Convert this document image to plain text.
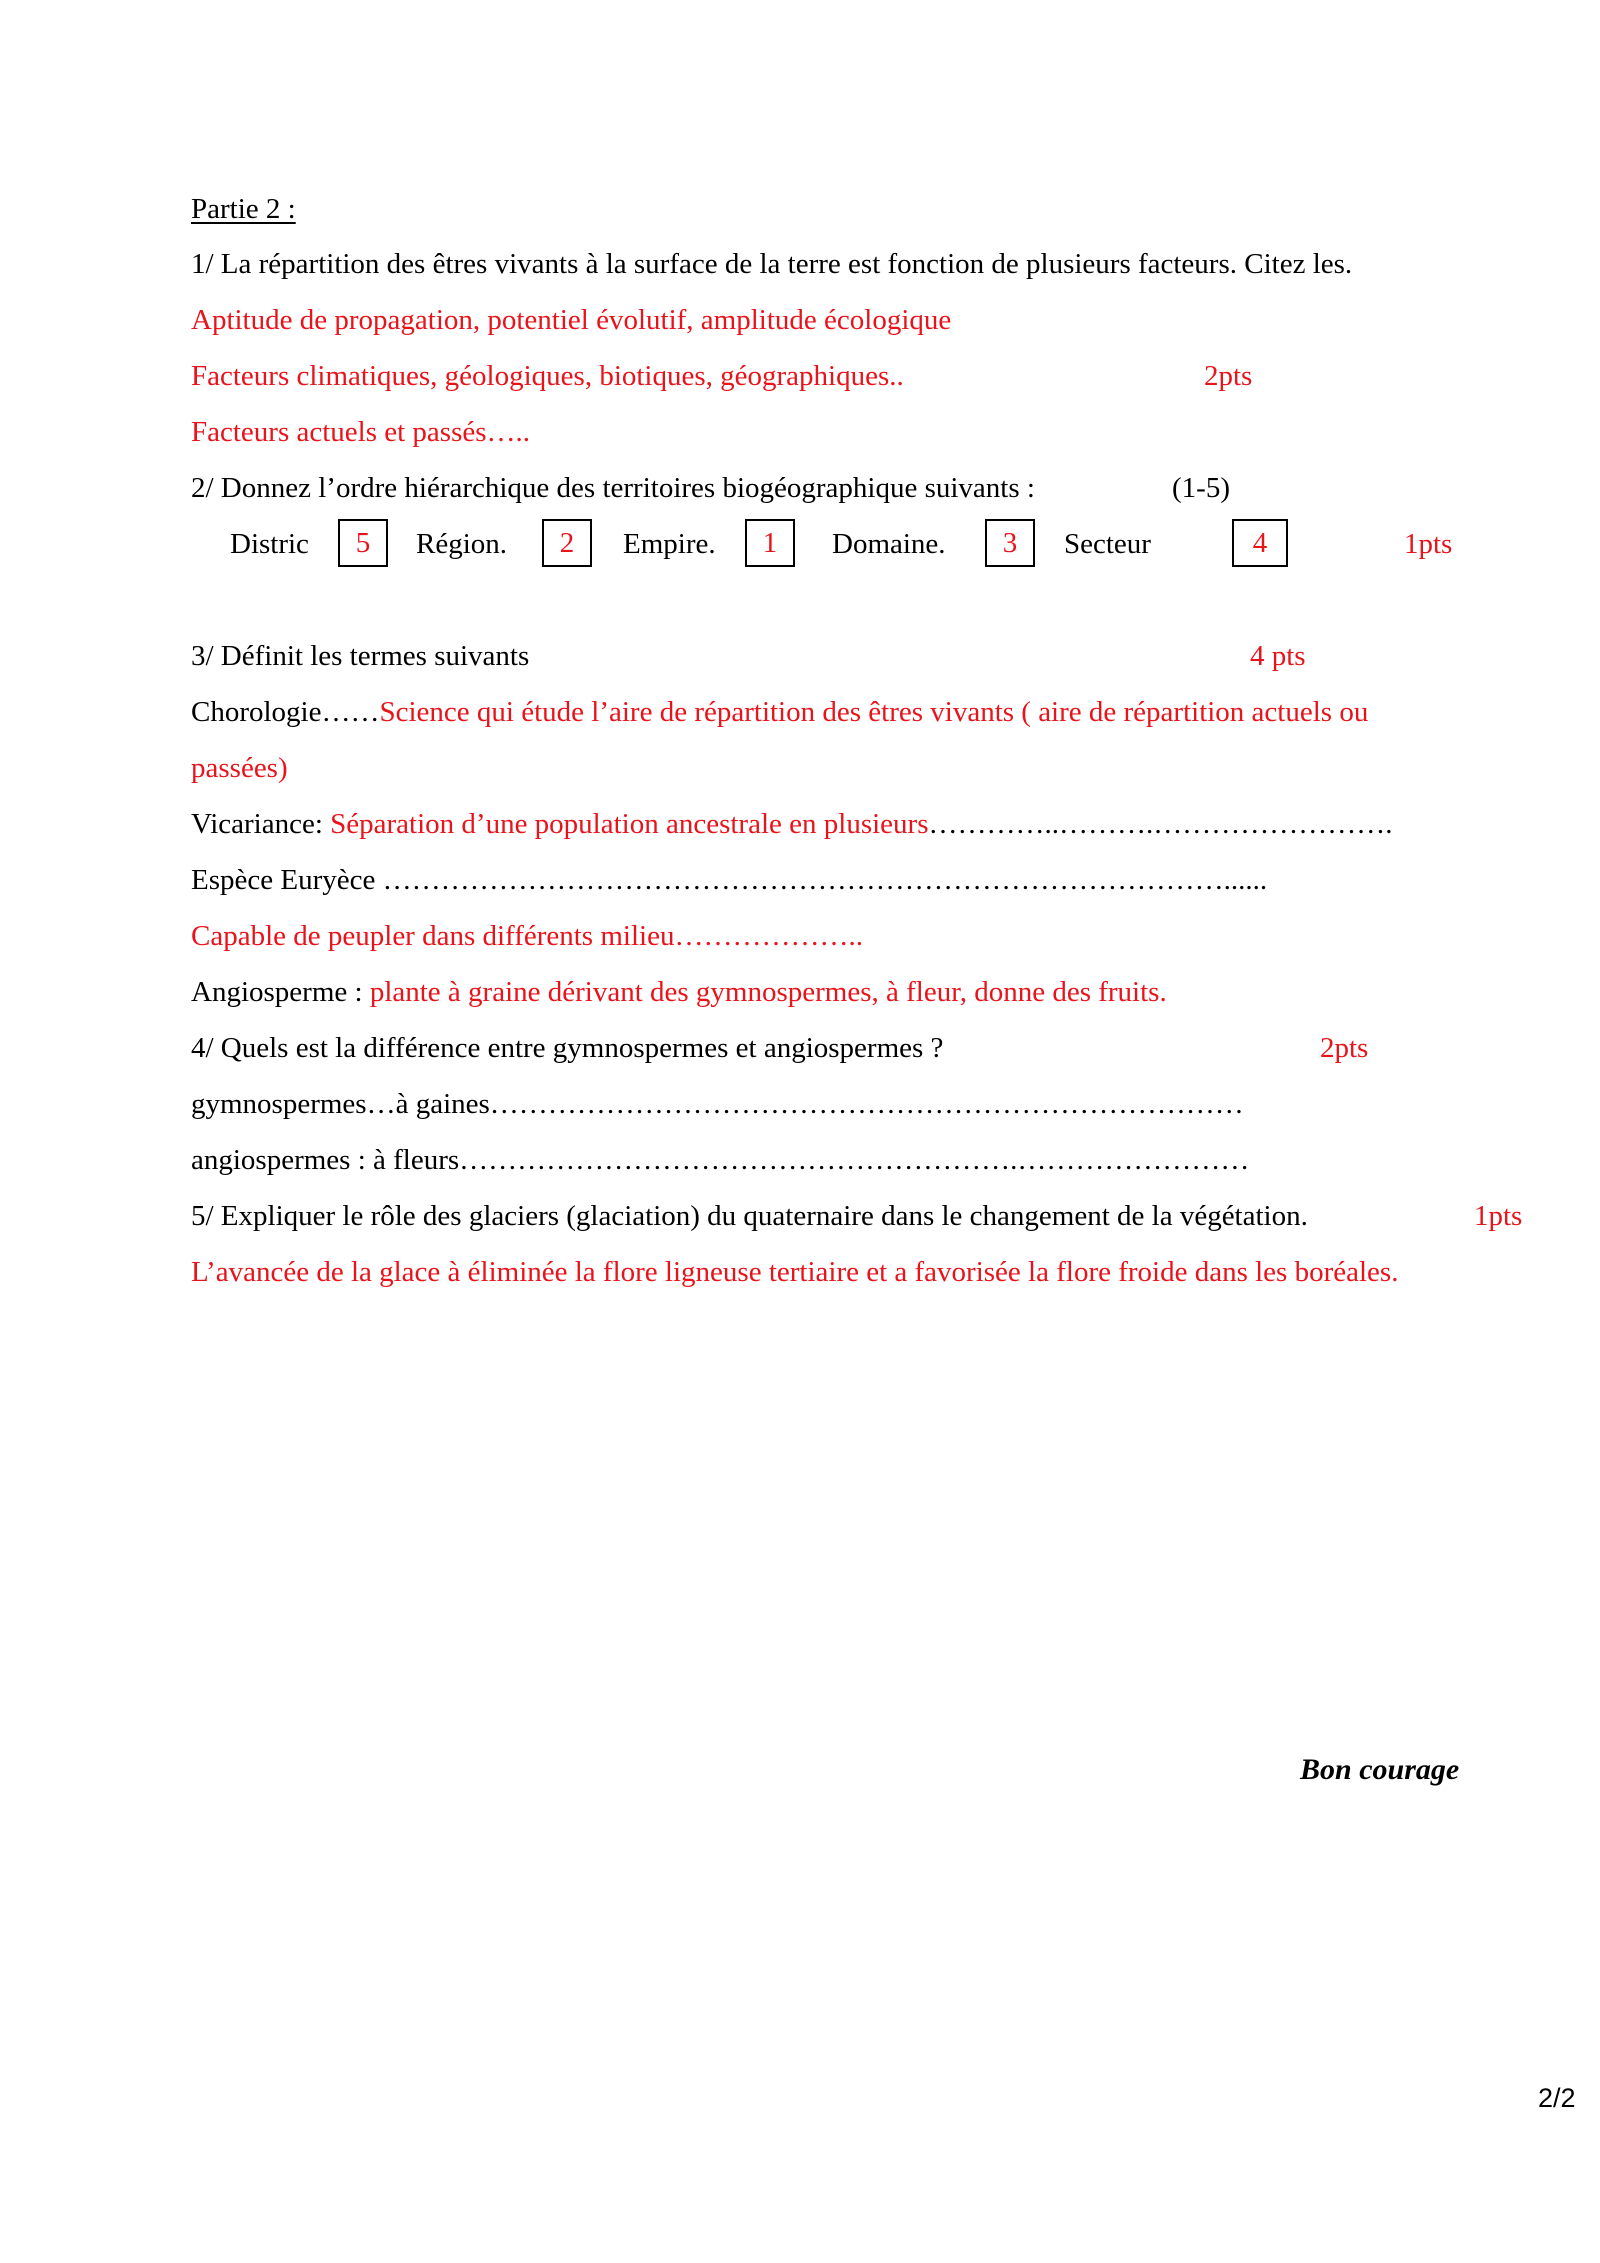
Partie 2 :
1/ La répartition des êtres vivants à la surface de la terre est fonction de plusieurs facteurs. Citez les.
Aptitude de propagation, potentiel évolutif, amplitude écologique
Facteurs climatiques, géologiques, biotiques, géographiques..	2pts
Facteurs actuels et passés…..
2/ Donnez l’ordre hiérarchique des territoires biogéographique suivants :	(1-5)
Distric	5	Région.	2	Empire.	1	Domaine.	3	Secteur	4	1pts
3/ Définit les termes suivants	4 pts
Chorologie……Science qui étude l’aire de répartition des êtres vivants ( aire de répartition actuels ou
passées)
Vicariance: Séparation d’une population ancestrale en plusieurs…………..……….…………………….
Espèce Euryèce ……………………………………………………………………………......
Capable de peupler dans différents milieu………………..
Angiosperme : plante à graine dérivant des gymnospermes, à fleur, donne des fruits.
4/ Quels est la différence entre gymnospermes et angiospermes ?	2pts
gymnospermes…à gaines……………………………………………………………………
angiospermes : à fleurs………………………………………………….……………………
5/ Expliquer le rôle des glaciers (glaciation) du quaternaire dans le changement de la végétation.	1pts
L’avancée de la glace à éliminée la flore ligneuse tertiaire et a favorisée la flore froide dans les boréales.
Bon courage
2/2
